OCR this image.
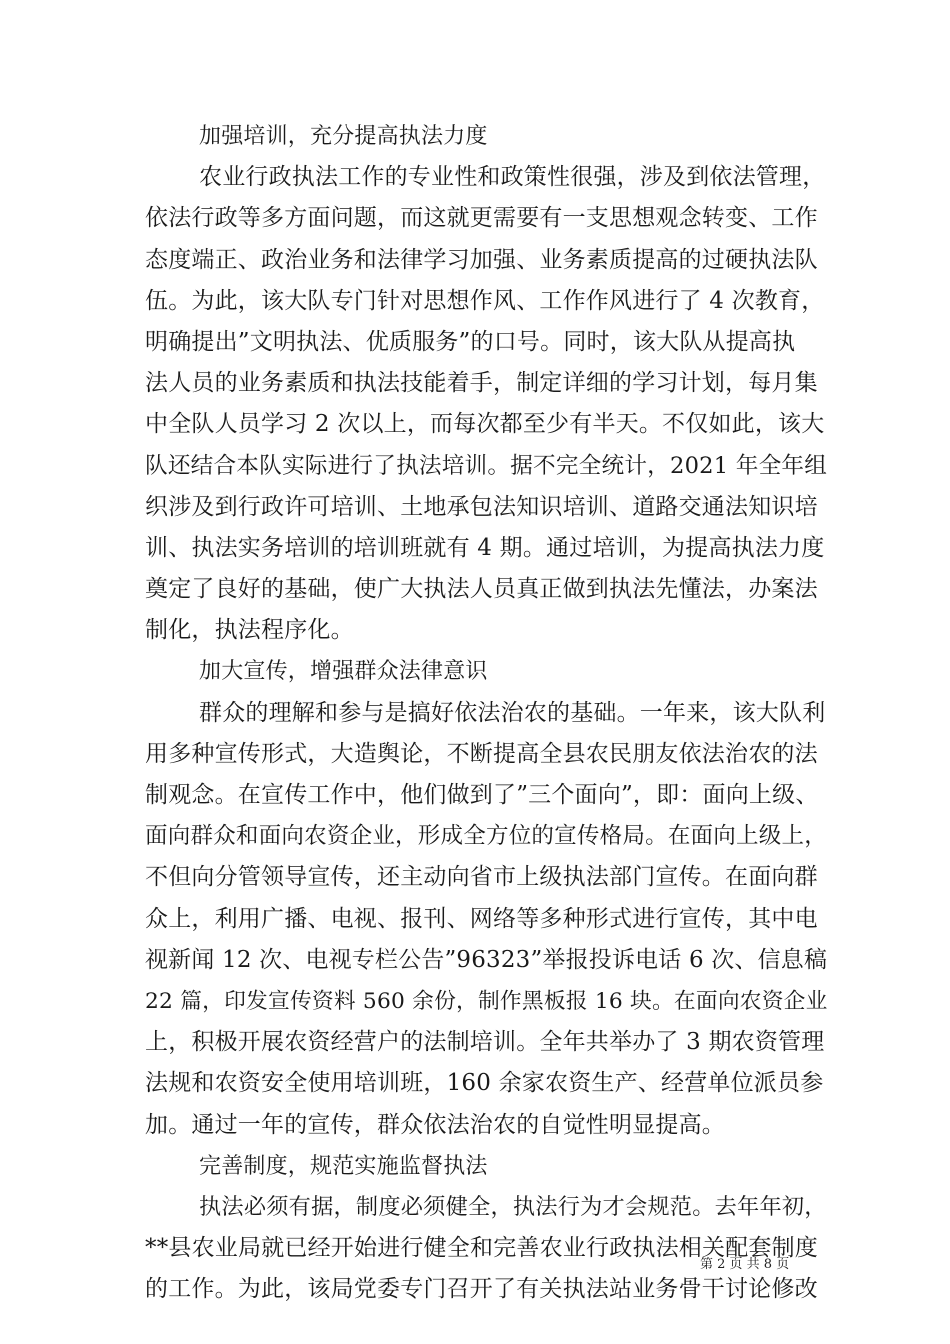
加强培训，充分提高执法力度
农业行政执法工作的专业性和政策性很强，涉及到依法管理，
依法行政等多方面问题，而这就更需要有一支思想观念转变、工作
态度端正、政治业务和法律学习加强、业务素质提高的过硬执法队
伍。为此，该大队专门针对思想作风、工作作风进行了 4 次教育，
明确提出”文明执法、优质服务”的口号。同时，该大队从提高执
法人员的业务素质和执法技能着手，制定详细的学习计划，每月集
中全队人员学习 2 次以上，而每次都至少有半天。不仅如此，该大
队还结合本队实际进行了执法培训。据不完全统计，2021 年全年组
织涉及到行政许可培训、土地承包法知识培训、道路交通法知识培
训、执法实务培训的培训班就有 4 期。通过培训，为提高执法力度
奠定了良好的基础，使广大执法人员真正做到执法先懂法，办案法
制化，执法程序化。
加大宣传，增强群众法律意识
群众的理解和参与是搞好依法治农的基础。一年来，该大队利
用多种宣传形式，大造舆论，不断提高全县农民朋友依法治农的法
制观念。在宣传工作中，他们做到了”三个面向”，即：面向上级、
面向群众和面向农资企业，形成全方位的宣传格局。在面向上级上，
不但向分管领导宣传，还主动向省市上级执法部门宣传。在面向群
众上，利用广播、电视、报刊、网络等多种形式进行宣传，其中电
视新闻 12 次、电视专栏公告”96323”举报投诉电话 6 次、信息稿
22 篇，印发宣传资料 560 余份，制作黑板报 16 块。在面向农资企业
上，积极开展农资经营户的法制培训。全年共举办了 3 期农资管理
法规和农资安全使用培训班，160 余家农资生产、经营单位派员参
加。通过一年的宣传，群众依法治农的自觉性明显提高。
完善制度，规范实施监督执法
执法必须有据，制度必须健全，执法行为才会规范。去年年初，
**县农业局就已经开始进行健全和完善农业行政执法相关配套制度
的工作。为此，该局党委专门召开了有关执法站业务骨干讨论修改
第 2 页 共 8 页
